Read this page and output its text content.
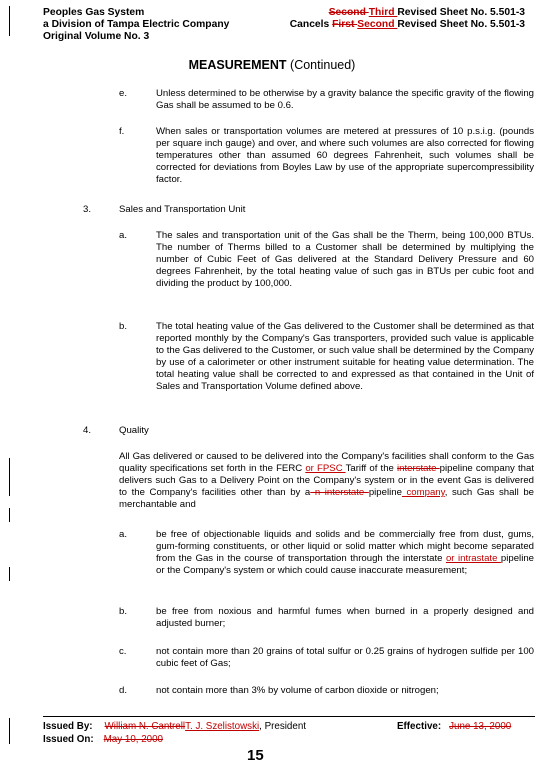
Peoples Gas System
a Division of Tampa Electric Company
Original Volume No. 3
Second Third Revised Sheet No. 5.501-3
Cancels First Second Revised Sheet No. 5.501-3
MEASUREMENT (Continued)
e.	Unless determined to be otherwise by a gravity balance the specific gravity of the flowing Gas shall be assumed to be 0.6.
f.	When sales or transportation volumes are metered at pressures of 10 p.s.i.g. (pounds per square inch gauge) and over, and where such volumes are also corrected for flowing temperatures other than assumed 60 degrees Fahrenheit, such volumes shall be corrected for deviations from Boyles Law by use of the appropriate supercompressibility factor.
3.	Sales and Transportation Unit
a.	The sales and transportation unit of the Gas shall be the Therm, being 100,000 BTUs. The number of Therms billed to a Customer shall be determined by multiplying the number of Cubic Feet of Gas delivered at the Standard Delivery Pressure and 60 degrees Fahrenheit, by the total heating value of such gas in BTUs per cubic foot and dividing the product by 100,000.
b.	The total heating value of the Gas delivered to the Customer shall be determined as that reported monthly by the Company's Gas transporters, provided such value is applicable to the Gas delivered to the Customer, or such value shall be determined by the Company by use of a calorimeter or other instrument suitable for heating value determination. The total heating value shall be corrected to and expressed as that contained in the Unit of Sales and Transportation Volume defined above.
4.	Quality
All Gas delivered or caused to be delivered into the Company's facilities shall conform to the Gas quality specifications set forth in the FERC or FPSC Tariff of the interstate pipeline company that delivers such Gas to a Delivery Point on the Company's system or in the event Gas is delivered to the Company's facilities other than by a n interstate pipeline company, such Gas shall be merchantable and
a.	be free of objectionable liquids and solids and be commercially free from dust, gums, gum-forming constituents, or other liquid or solid matter which might become separated from the Gas in the course of transportation through the interstate or intrastate pipeline or the Company's system or which could cause inaccurate measurement;
b.	be free from noxious and harmful fumes when burned in a properly designed and adjusted burner;
c.	not contain more than 20 grains of total sulfur or 0.25 grains of hydrogen sulfide per 100 cubic feet of Gas;
d.	not contain more than 3% by volume of carbon dioxide or nitrogen;
Issued By: William N. CantrellT. J. Szelistowski, President	Effective: June 13, 2000
Issued On: May 10, 2000
15
